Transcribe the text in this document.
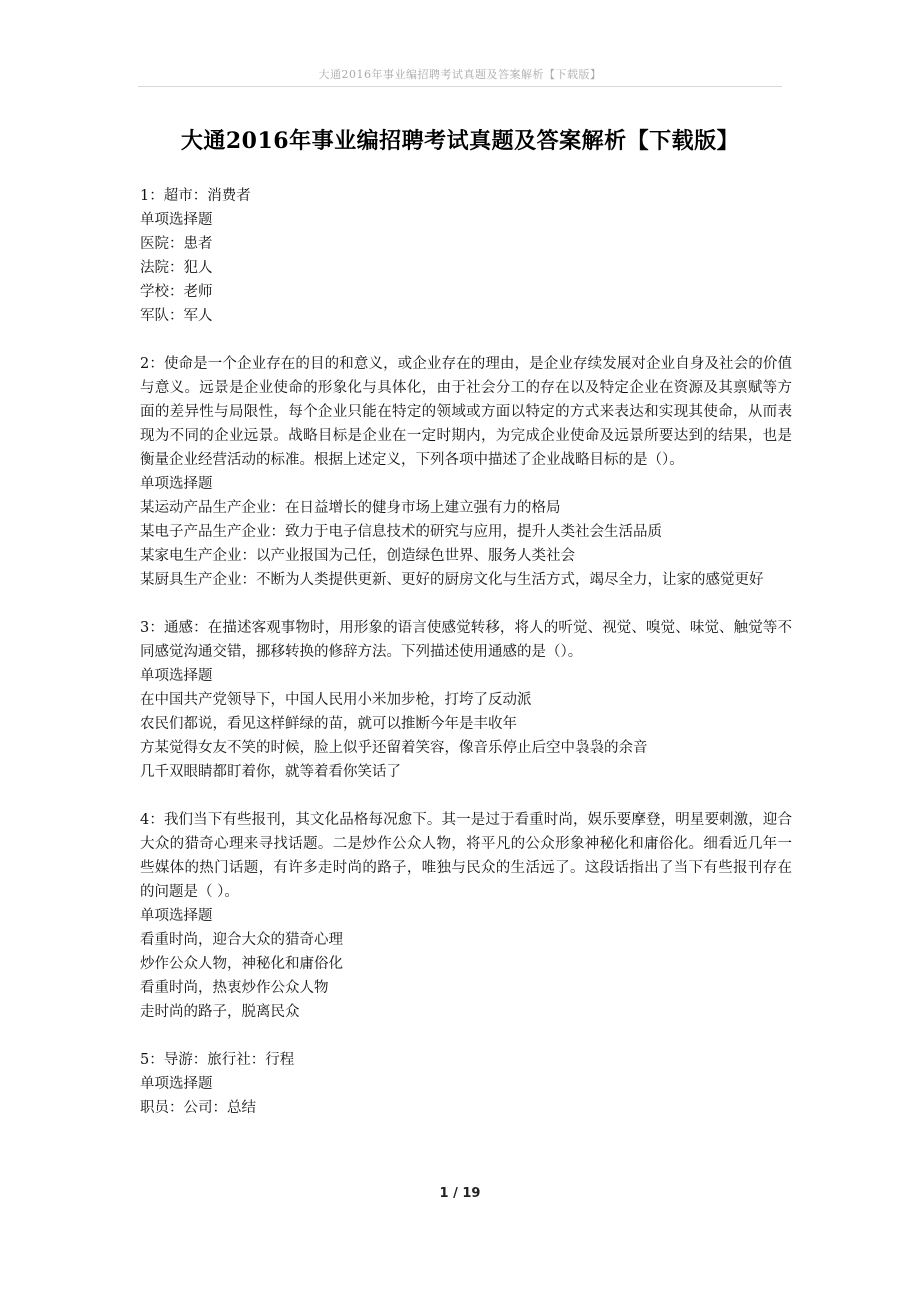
大通2016年事业编招聘考试真题及答案解析【下载版】
大通2016年事业编招聘考试真题及答案解析【下载版】
1：超市：消费者
单项选择题
医院：患者
法院：犯人
学校：老师
军队：军人
2：使命是一个企业存在的目的和意义，或企业存在的理由，是企业存续发展对企业自身及社会的价值与意义。远景是企业使命的形象化与具体化，由于社会分工的存在以及特定企业在资源及其禀赋等方面的差异性与局限性，每个企业只能在特定的领域或方面以特定的方式来表达和实现其使命，从而表现为不同的企业远景。战略目标是企业在一定时期内，为完成企业使命及远景所要达到的结果，也是衡量企业经营活动的标准。根据上述定义，下列各项中描述了企业战略目标的是（）。
单项选择题
某运动产品生产企业：在日益增长的健身市场上建立强有力的格局
某电子产品生产企业：致力于电子信息技术的研究与应用，提升人类社会生活品质
某家电生产企业：以产业报国为己任，创造绿色世界、服务人类社会
某厨具生产企业：不断为人类提供更新、更好的厨房文化与生活方式，竭尽全力，让家的感觉更好
3：通感：在描述客观事物时，用形象的语言使感觉转移，将人的听觉、视觉、嗅觉、味觉、触觉等不同感觉沟通交错，挪移转换的修辞方法。下列描述使用通感的是（）。
单项选择题
在中国共产党领导下，中国人民用小米加步枪，打垮了反动派
农民们都说，看见这样鲜绿的苗，就可以推断今年是丰收年
方某觉得女友不笑的时候，脸上似乎还留着笑容，像音乐停止后空中袅袅的余音
几千双眼睛都盯着你，就等着看你笑话了
4：我们当下有些报刊，其文化品格每况愈下。其一是过于看重时尚，娱乐要摩登，明星要刺激，迎合大众的猎奇心理来寻找话题。二是炒作公众人物，将平凡的公众形象神秘化和庸俗化。细看近几年一些媒体的热门话题，有许多走时尚的路子，唯独与民众的生活远了。这段话指出了当下有些报刊存在的问题是（ ）。
单项选择题
看重时尚，迎合大众的猎奇心理
炒作公众人物，神秘化和庸俗化
看重时尚，热衷炒作公众人物
走时尚的路子，脱离民众
5：导游：旅行社：行程
单项选择题
职员：公司：总结
1 / 19
